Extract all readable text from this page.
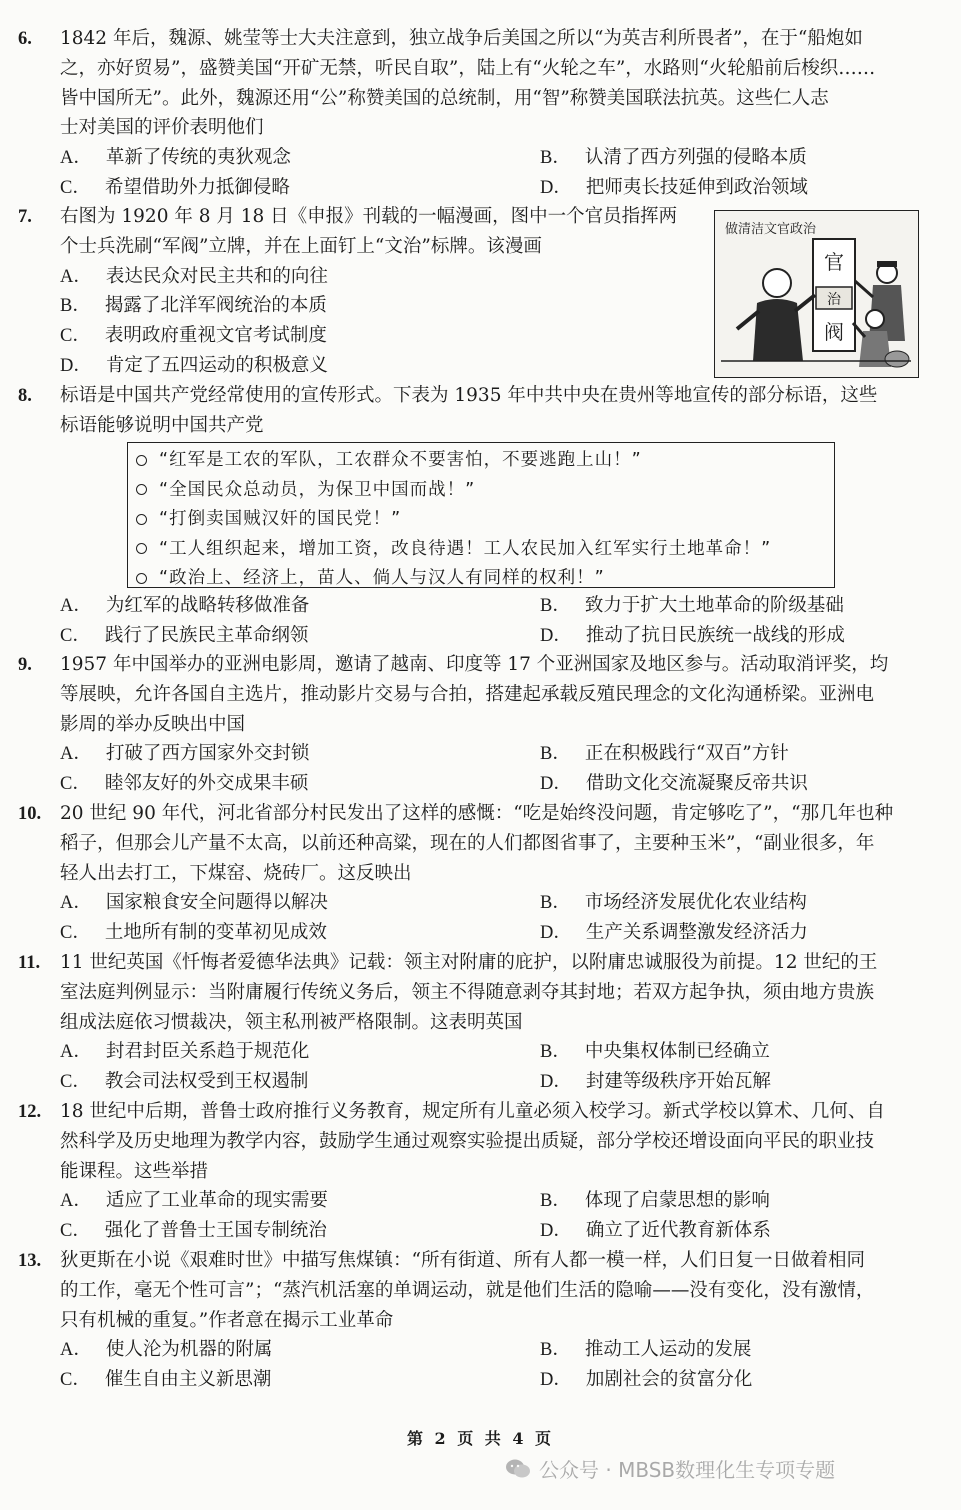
6. 1842 年后，魏源、姚莹等士大夫注意到，独立战争后美国之所以“为英吉利所畏者”，在于“船炮如
之，亦好贸易”，盛赞美国“开矿无禁，听民自取”，陆上有“火轮之车”，水路则“火轮船前后梭织……
皆中国所无”。此外，魏源还用“公”称赞美国的总统制，用“智”称赞美国联法抗英。这些仁人志
士对美国的评价表明他们
A． 革新了传统的夷狄观念	B． 认清了西方列强的侵略本质
C． 希望借助外力抵御侵略	D． 把师夷长技延伸到政治领域
7. 右图为 1920 年 8 月 18 日《申报》刊载的一幅漫画，图中一个官员指挥两
个士兵洗刷“军阀”立牌，并在上面钉上“文治”标牌。该漫画
A． 表达民众对民主共和的向往
B． 揭露了北洋军阀统治的本质
C． 表明政府重视文官考试制度
D． 肯定了五四运动的积极意义
做清洁文官政治
官
治
阀
8. 标语是中国共产党经常使用的宣传形式。下表为 1935 年中共中央在贵州等地宣传的部分标语，这些
标语能够说明中国共产党
“红军是工农的军队，工农群众不要害怕，不要逃跑上山！”
“全国民众总动员，为保卫中国而战！”
“打倒卖国贼汉奸的国民党！”
“工人组织起来，增加工资，改良待遇！工人农民加入红军实行土地革命！”
“政治上、经济上，苗人、倘人与汉人有同样的权利！”
A． 为红军的战略转移做准备	B． 致力于扩大土地革命的阶级基础
C． 践行了民族民主革命纲领	D． 推动了抗日民族统一战线的形成
9. 1957 年中国举办的亚洲电影周，邀请了越南、印度等 17 个亚洲国家及地区参与。活动取消评奖，均
等展映，允许各国自主选片，推动影片交易与合拍，搭建起承载反殖民理念的文化沟通桥梁。亚洲电
影周的举办反映出中国
A． 打破了西方国家外交封锁	B． 正在积极践行“双百”方针
C． 睦邻友好的外交成果丰硕	D． 借助文化交流凝聚反帝共识
10. 20 世纪 90 年代，河北省部分村民发出了这样的感慨：“吃是始终没问题，肯定够吃了”，“那几年也种
稻子，但那会儿产量不太高，以前还种高粱，现在的人们都图省事了，主要种玉米”，“副业很多，年
轻人出去打工，下煤窑、烧砖厂。这反映出
A． 国家粮食安全问题得以解决	B． 市场经济发展优化农业结构
C． 土地所有制的变革初见成效	D． 生产关系调整激发经济活力
11. 11 世纪英国《忏悔者爱德华法典》记载：领主对附庸的庇护，以附庸忠诚服役为前提。12 世纪的王
室法庭判例显示：当附庸履行传统义务后，领主不得随意剥夺其封地；若双方起争执，须由地方贵族
组成法庭依习惯裁决，领主私刑被严格限制。这表明英国
A． 封君封臣关系趋于规范化	B． 中央集权体制已经确立
C． 教会司法权受到王权遏制	D． 封建等级秩序开始瓦解
12. 18 世纪中后期，普鲁士政府推行义务教育，规定所有儿童必须入校学习。新式学校以算术、几何、自
然科学及历史地理为教学内容，鼓励学生通过观察实验提出质疑，部分学校还增设面向平民的职业技
能课程。这些举措
A． 适应了工业革命的现实需要	B． 体现了启蒙思想的影响
C． 强化了普鲁士王国专制统治	D． 确立了近代教育新体系
13. 狄更斯在小说《艰难时世》中描写焦煤镇：“所有街道、所有人都一模一样，人们日复一日做着相同
的工作，毫无个性可言”；“蒸汽机活塞的单调运动，就是他们生活的隐喻——没有变化，没有激情，
只有机械的重复。”作者意在揭示工业革命
A． 使人沦为机器的附属	B． 推动工人运动的发展
C． 催生自由主义新思潮	D． 加剧社会的贫富分化
第 2 页 共 4 页
公众号 · MBSB数理化生专项专题
